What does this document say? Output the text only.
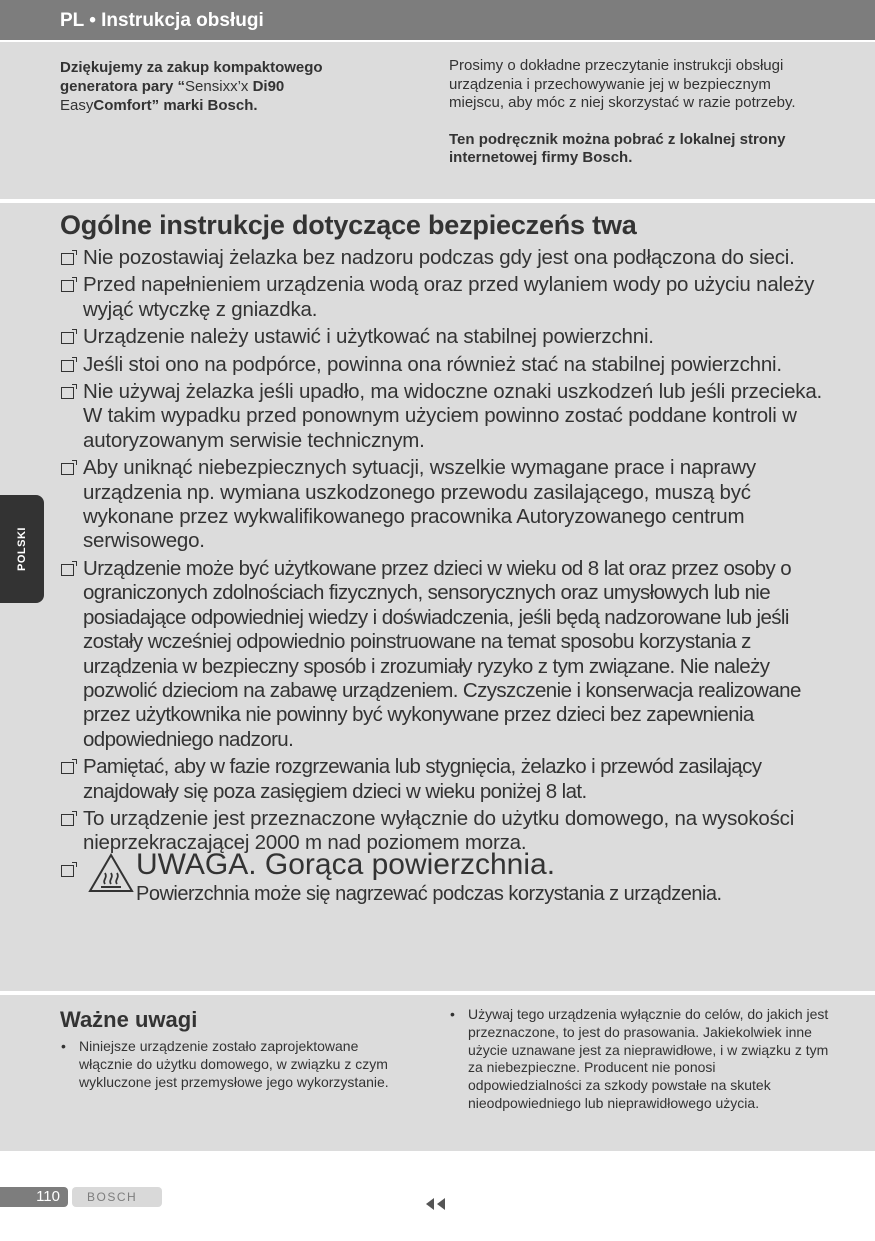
PL • Instrukcja obsługi
Dziękujemy za zakup kompaktowego
generatora pary “Sensixx’x Di90
EasyComfort” marki Bosch.

Prosimy o dokładne przeczytanie instrukcji obsługi urządzenia i przechowywanie jej w bezpiecznym miejscu, aby móc z niej skorzystać w razie potrzeby.

Ten podręcznik można pobrać z lokalnej strony internetowej firmy Bosch.

Ogólne instrukcje dotyczące bezpieczeńs twa
Nie pozostawiaj żelazka bez nadzoru podczas gdy jest ona podłączona do sieci.
Przed napełnieniem urządzenia wodą oraz przed wylaniem wody po użyciu należy wyjąć wtyczkę z gniazdka.
Urządzenie należy ustawić i użytkować na stabilnej powierzchni.
Jeśli stoi ono na podpórce, powinna ona również stać na stabilnej powierzchni.
Nie używaj żelazka jeśli upadło, ma widoczne oznaki uszkodzeń lub jeśli przecieka. W takim wypadku przed ponownym użyciem powinno zostać poddane kontroli w autoryzowanym serwisie technicznym.
Aby uniknąć niebezpiecznych sytuacji, wszelkie wymagane prace i naprawy urządzenia np. wymiana uszkodzonego przewodu zasilającego, muszą być wykonane przez wykwalifikowanego pracownika Autoryzowanego centrum serwisowego.
Urządzenie może być użytkowane przez dzieci w wieku od 8 lat oraz przez osoby o ograniczonych zdolnościach fizycznych, sensorycznych oraz umysłowych lub nie posiadające odpowiedniej wiedzy i doświadczenia, jeśli będą nadzorowane lub jeśli zostały wcześniej odpowiednio poinstruowane na temat sposobu korzystania z urządzenia w bezpieczny sposób i zrozumiały ryzyko z tym związane. Nie należy pozwolić dzieciom na zabawę urządzeniem. Czyszczenie i konserwacja realizowane przez użytkownika nie powinny być wykonywane przez dzieci bez zapewnienia odpowiedniego nadzoru.
Pamiętać, aby w fazie rozgrzewania lub stygnięcia, żelazko i przewód zasilający znajdowały się poza zasięgiem dzieci w wieku poniżej 8 lat.
To urządzenie jest przeznaczone wyłącznie do użytku domowego, na wysokości nieprzekraczającej 2000 m nad poziomem morza.
UWAGA. Gorąca powierzchnia.
Powierzchnia może się nagrzewać podczas korzystania z urządzenia.
Ważne uwagi
• Niniejsze urządzenie zostało zaprojektowane włącznie do użytku domowego, w związku z czym wykluczone jest przemysłowe jego wykorzystanie.
• Używaj tego urządzenia wyłącznie do celów, do jakich jest przeznaczone, to jest do prasowania. Jakiekolwiek inne użycie uznawane jest za nieprawidłowe, i w związku z tym za niebezpieczne. Producent nie ponosi odpowiedzialności za szkody powstałe na skutek nieodpowiedniego lub nieprawidłowego użycia.
POLSKI
110	BOSCH
